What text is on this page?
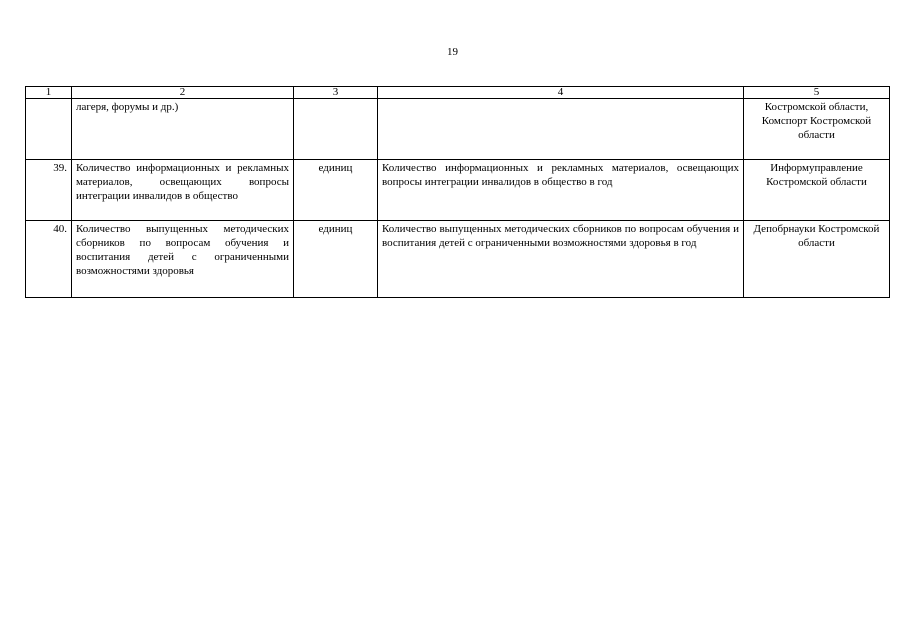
19
1	2	3	4	5
	лагеря, форумы и др.)			Костромской области, Комспорт Костромской области
39.	Количество информационных и рекламных материалов, освещающих вопросы интеграции инвалидов в общество	единиц	Количество информационных и рекламных материалов, освещающих вопросы интеграции инвалидов в общество в год	Информуправление Костромской области
40.	Количество выпущенных методических сборников по вопросам обучения и воспитания детей с ограниченными возможностями здоровья	единиц	Количество выпущенных методических сборников по вопросам обучения и воспитания детей с ограниченными возможностями здоровья в год	Депобрнауки Костромской области
